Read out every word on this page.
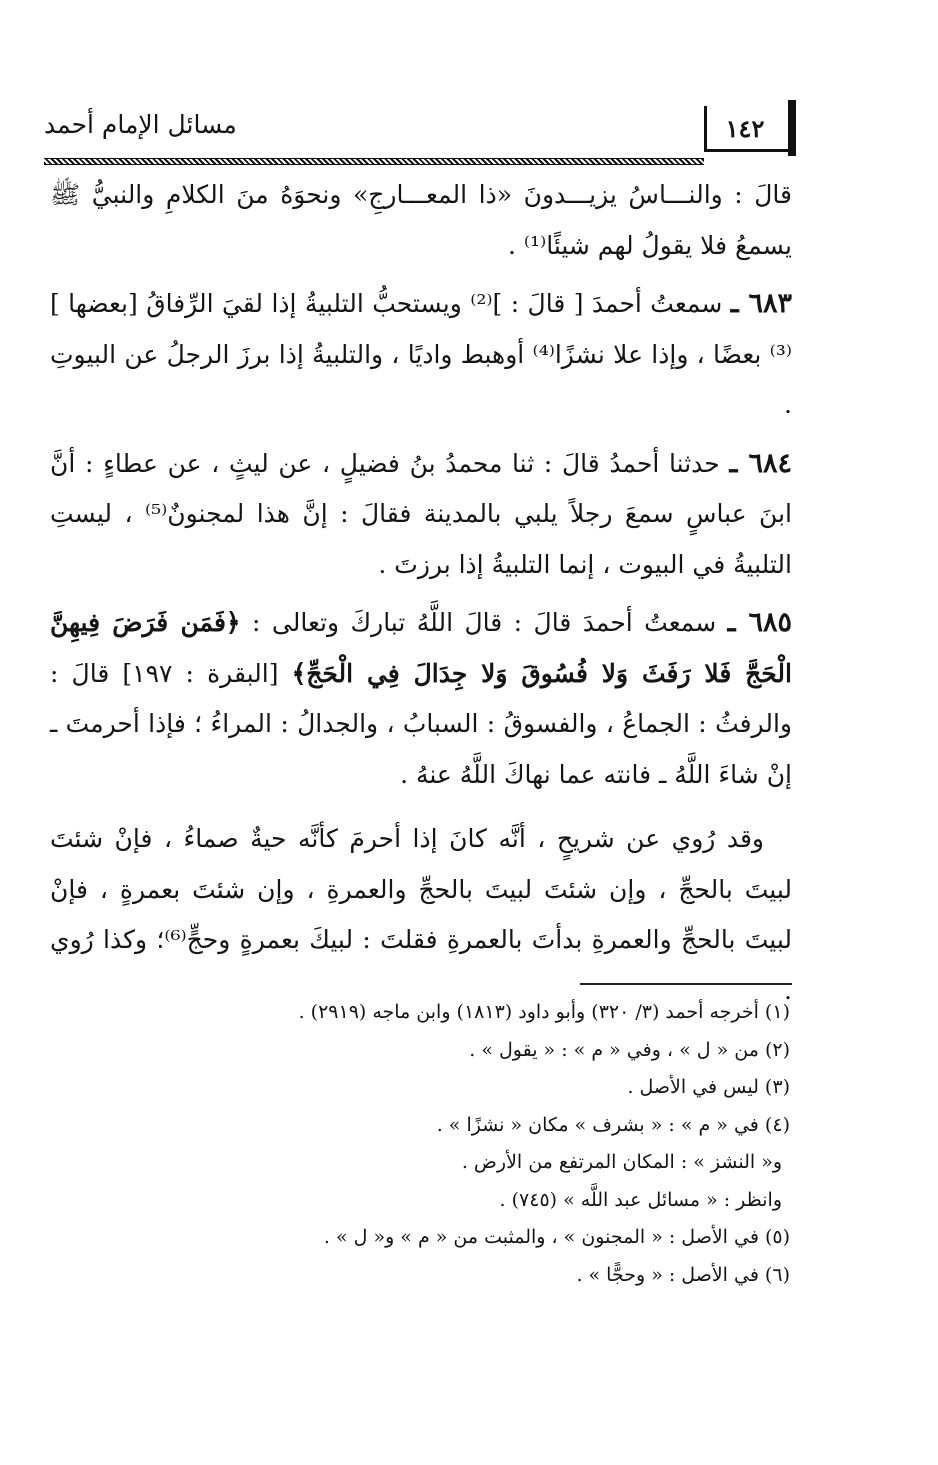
مسائل الإمام أحمد	١٤٢

قالَ : والنـــاسُ يزيـــدونَ «ذا المعـــارجِ» ونحوَهُ منَ الكلامِ والنبيُّ ﷺ يسمعُ فلا يقولُ لهم شيئًا⁽¹⁾ .

٦٨٣ ـ سمعتُ أحمدَ [ قالَ : ]⁽²⁾ ويستحبُّ التلبيةُ إذا لقيَ الرِّفاقُ [بعضها ]⁽³⁾ بعضًا ، وإذا علا نشزًا⁽⁴⁾ أوهبط واديًا ، والتلبيةُ إذا برزَ الرجلُ عن البيوتِ .

٦٨٤ ـ حدثنا أحمدُ قالَ : ثنا محمدُ بنُ فضيلٍ ، عن ليثٍ ، عن عطاءٍ : أنَّ ابنَ عباسٍ سمعَ رجلاً يلبي بالمدينة فقالَ : إنَّ هذا لمجنونٌ⁽⁵⁾ ، ليستِ التلبيةُ في البيوت ، إنما التلبيةُ إذا برزتَ .

٦٨٥ ـ سمعتُ أحمدَ قالَ : قالَ اللَّهُ تباركَ وتعالى : ﴿فَمَن فَرَضَ فِيهِنَّ الْحَجَّ فَلا رَفَثَ وَلا فُسُوقَ وَلا جِدَالَ فِي الْحَجِّ﴾ [البقرة : ١٩٧] قالَ : والرفثُ : الجماعُ ، والفسوقُ : السبابُ ، والجدالُ : المراءُ ؛ فإذا أحرمتَ ـ إنْ شاءَ اللَّهُ ـ فانته عما نهاكَ اللَّهُ عنهُ .

وقد رُوي عن شريحٍ ، أنَّه كانَ إذا أحرمَ كأنَّه حيةٌ صماءُ ، فإنْ شئتَ لبيتَ بالحجِّ ، وإن شئتَ لبيتَ بالحجِّ والعمرةِ ، وإن شئتَ بعمرةٍ ، فإنْ لبيتَ بالحجِّ والعمرةِ بدأتَ بالعمرةِ فقلتَ : لبيكَ بعمرةٍ وحجٍّ⁽⁶⁾؛ وكذا رُوي .

(١) أخرجه أحمد (٣/ ٣٢٠) وأبو داود (١٨١٣) وابن ماجه (٢٩١٩) .
(٢) من « ل » ، وفي « م » : « يقول » .
(٣) ليس في الأصل .
(٤) في « م » : « بشرف » مكان « نشزًا » .
و« النشز » : المكان المرتفع من الأرض .
وانظر : « مسائل عبد اللَّه » (٧٤٥) .
(٥) في الأصل : « المجنون » ، والمثبت من « م » و« ل » .
(٦) في الأصل : « وحجًّا » .
